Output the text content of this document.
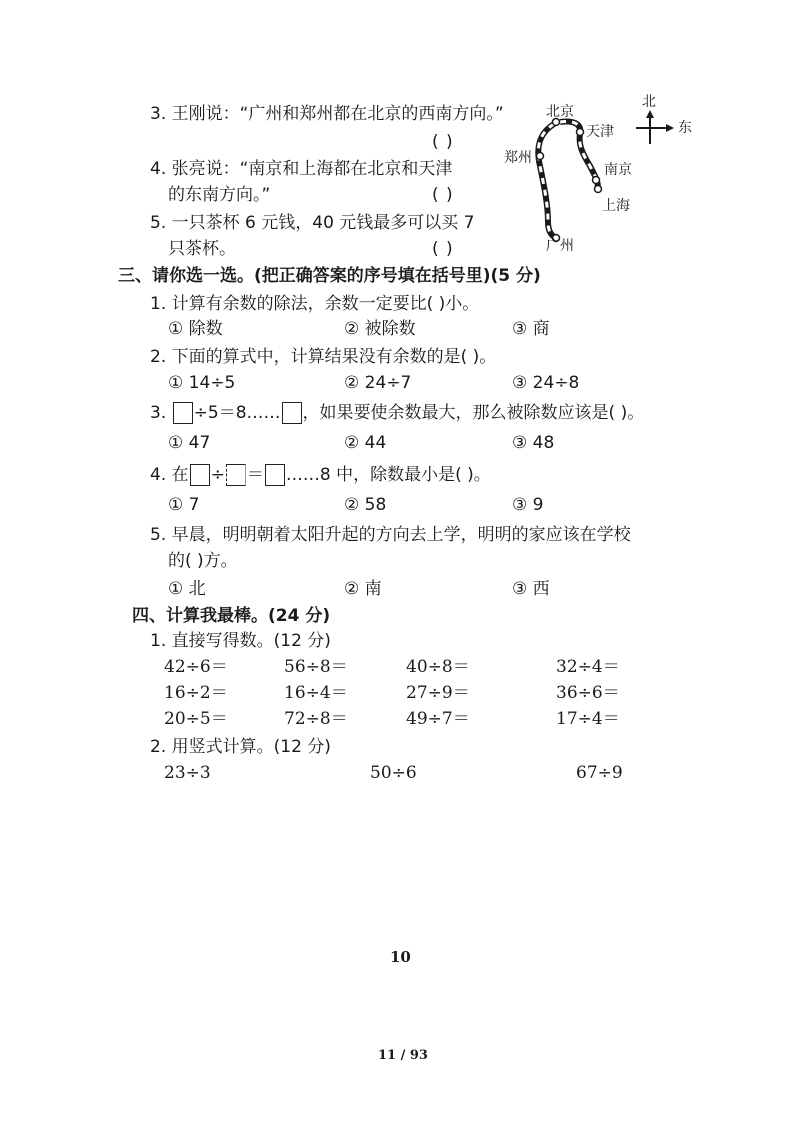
3. 王刚说：“广州和郑州都在北京的西南方向。”
( )
4. 张亮说：“南京和上海都在北京和天津
的东南方向。”	( )
5. 一只茶杯 6 元钱，40 元钱最多可以买 7
只茶杯。	( )
北京
天津
郑州
南京
上海
广州
北
东
三、请你选一选。(把正确答案的序号填在括号里)(5 分)
1. 计算有余数的除法，余数一定要比( )小。
① 除数	② 被除数	③ 商
2. 下面的算式中，计算结果没有余数的是( )。
① 14÷5	② 24÷7	③ 24÷8
3. ÷5＝8…… ，如果要使余数最大，那么被除数应该是( )。
① 47	② 44	③ 48
4. 在 ÷ ＝ ……8 中，除数最小是( )。
① 7	② 58	③ 9
5. 早晨，明明朝着太阳升起的方向去上学，明明的家应该在学校
的( )方。
① 北	② 南	③ 西
四、计算我最棒。(24 分)
1. 直接写得数。(12 分)
42÷6＝	56÷8＝	40÷8＝	32÷4＝
16÷2＝	16÷4＝	27÷9＝	36÷6＝
20÷5＝	72÷8＝	49÷7＝	17÷4＝
2. 用竖式计算。(12 分)
23÷3	50÷6	67÷9
10
11 / 93
